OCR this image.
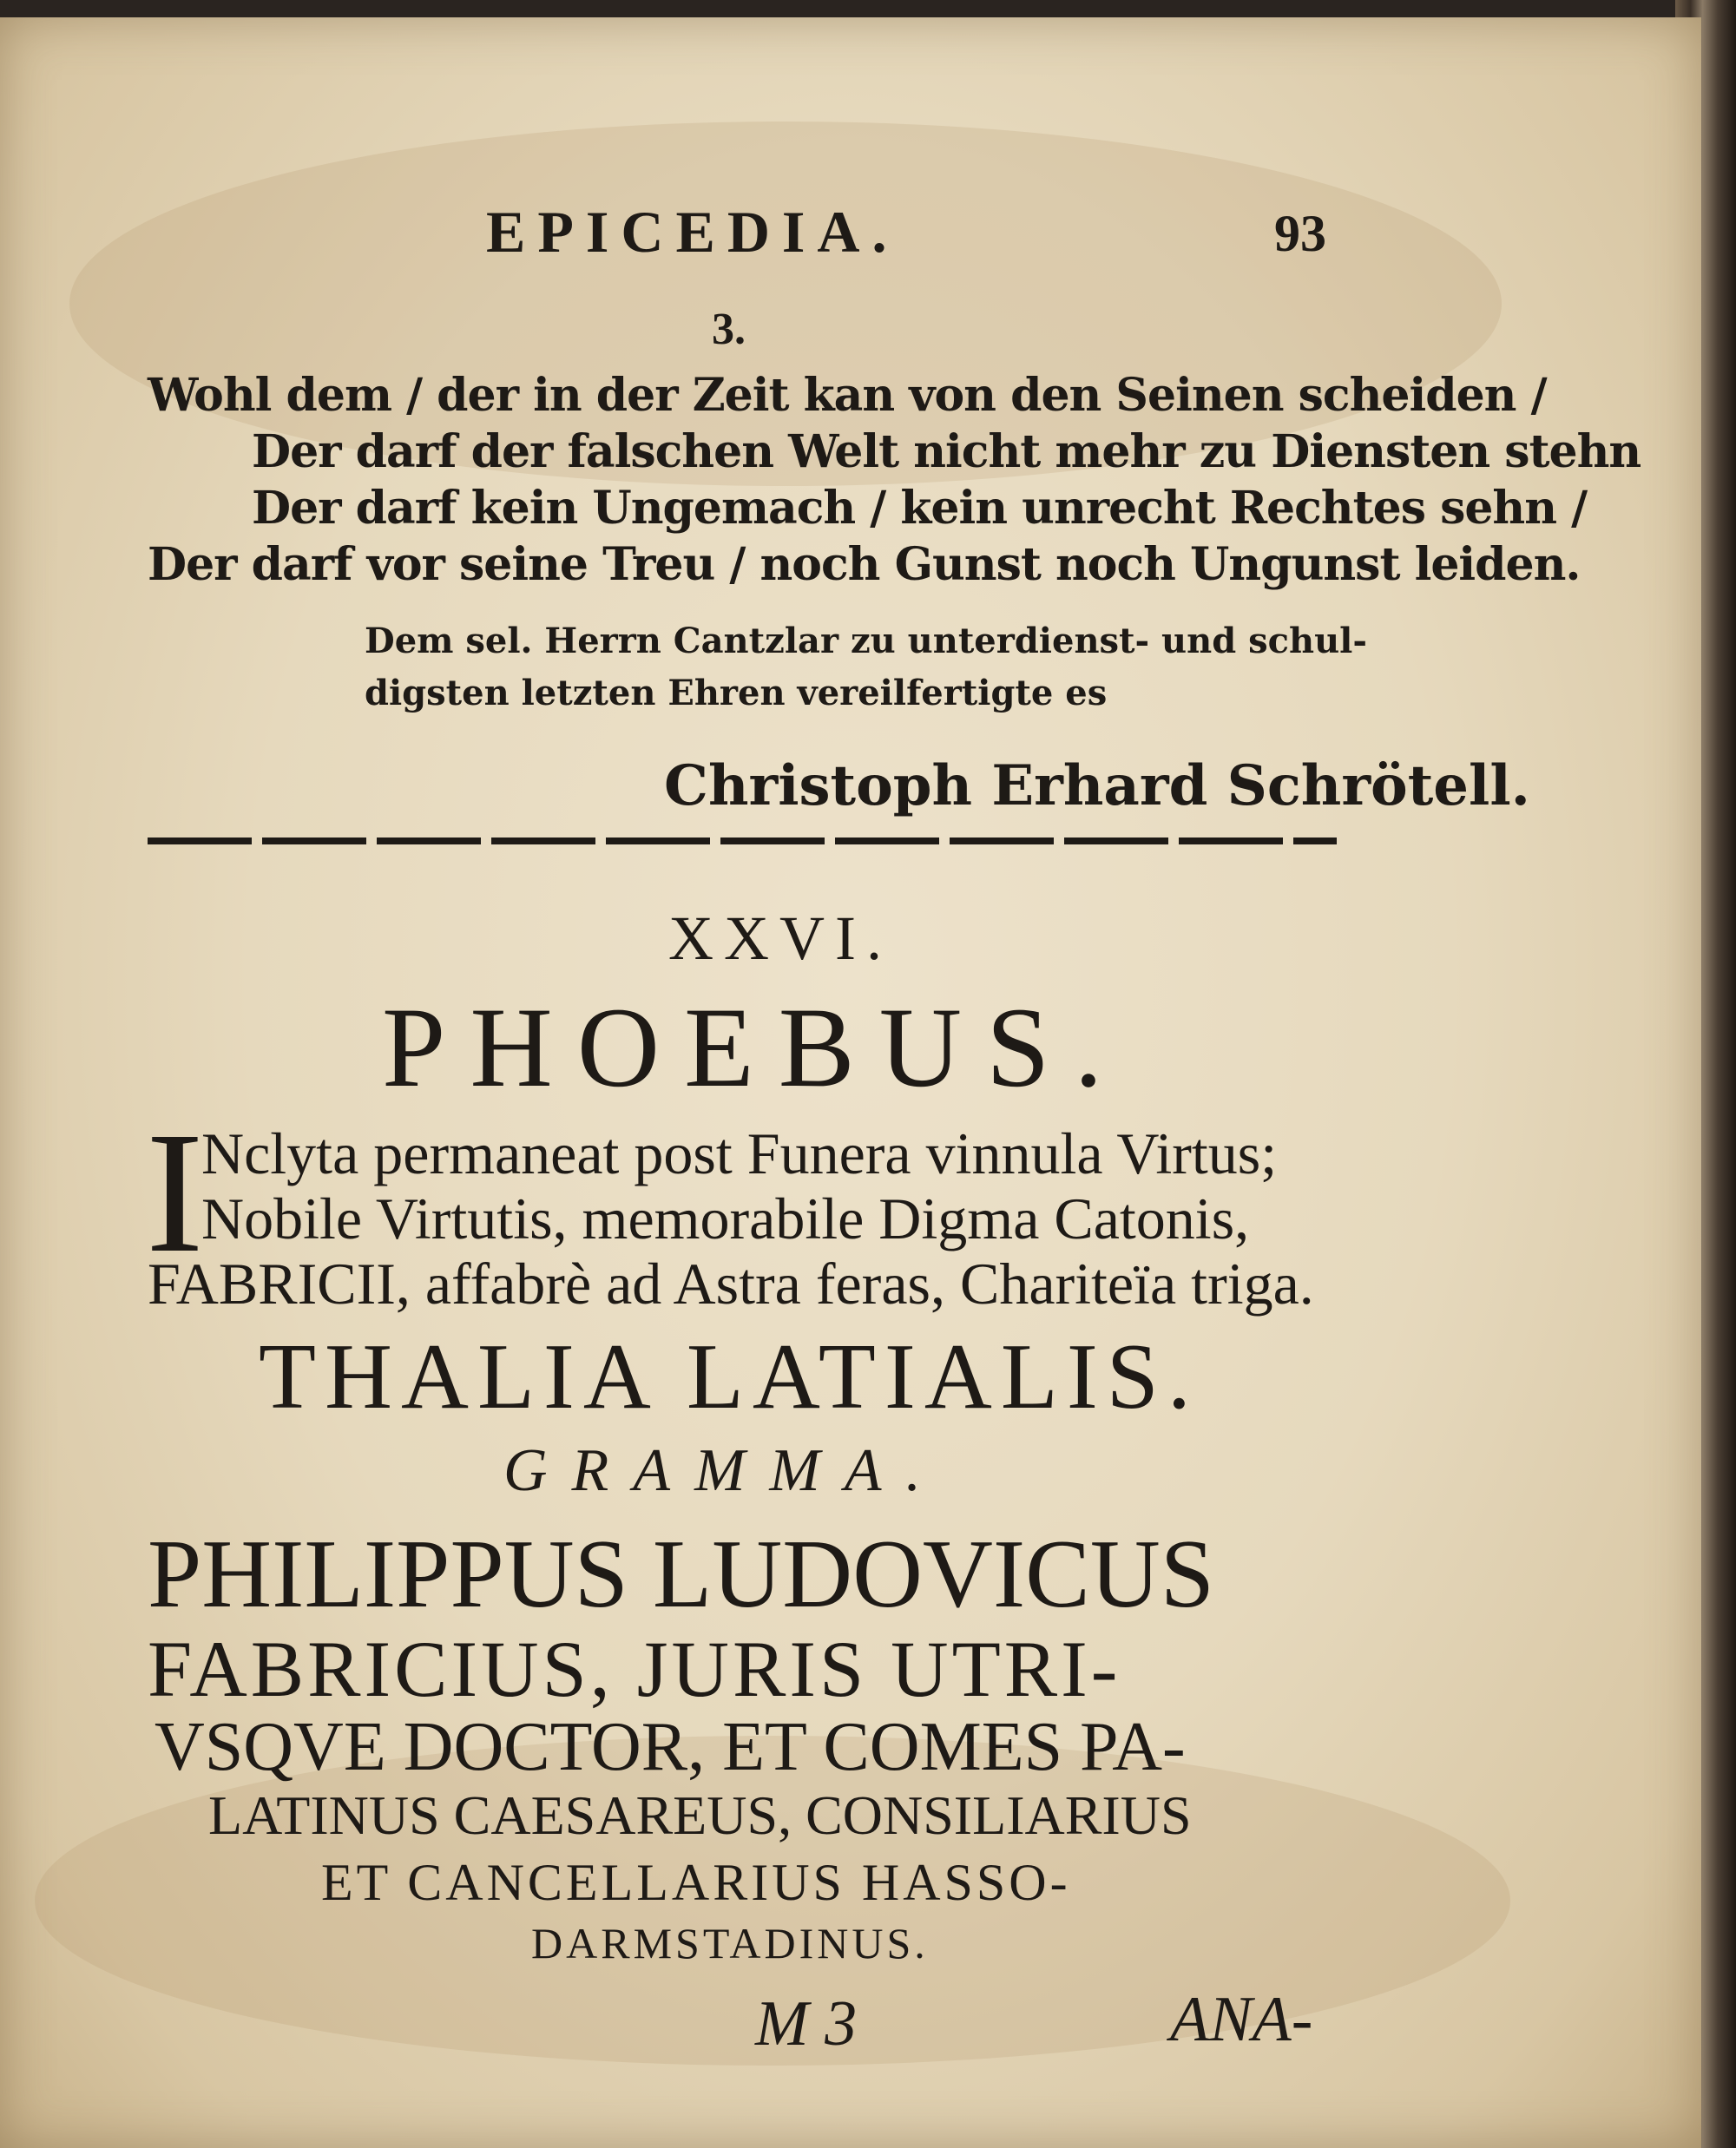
EPICEDIA.	93
3.
Wohl dem / der in der Zeit kan von den Seinen scheiden /
Der darf der falschen Welt nicht mehr zu Diensten stehn
Der darf kein Ungemach / kein unrecht Rechtes sehn /
Der darf vor seine Treu / noch Gunst noch Ungunst leiden.
Dem sel. Herrn Cantzlar zu unterdienst- und schul-
digsten letzten Ehren vereilfertigte es
Christoph Erhard Schrötell.
XXVI.
PHOEBUS.
I
Nclyta permaneat post Funera vinnula Virtus;
Nobile Virtutis, memorabile Digma Catonis,
FABRICII, affabrè ad Astra feras, Chariteïa triga.
THALIA LATIALIS.
GRAMMA.
PHILIPPUS LUDOVICUS
FABRICIUS, JURIS UTRI-
VSQVE DOCTOR, ET COMES PA-
LATINUS CAESAREUS, CONSILIARIUS
ET CANCELLARIUS HASSO-
DARMSTADINUS.
M 3	ANA-
